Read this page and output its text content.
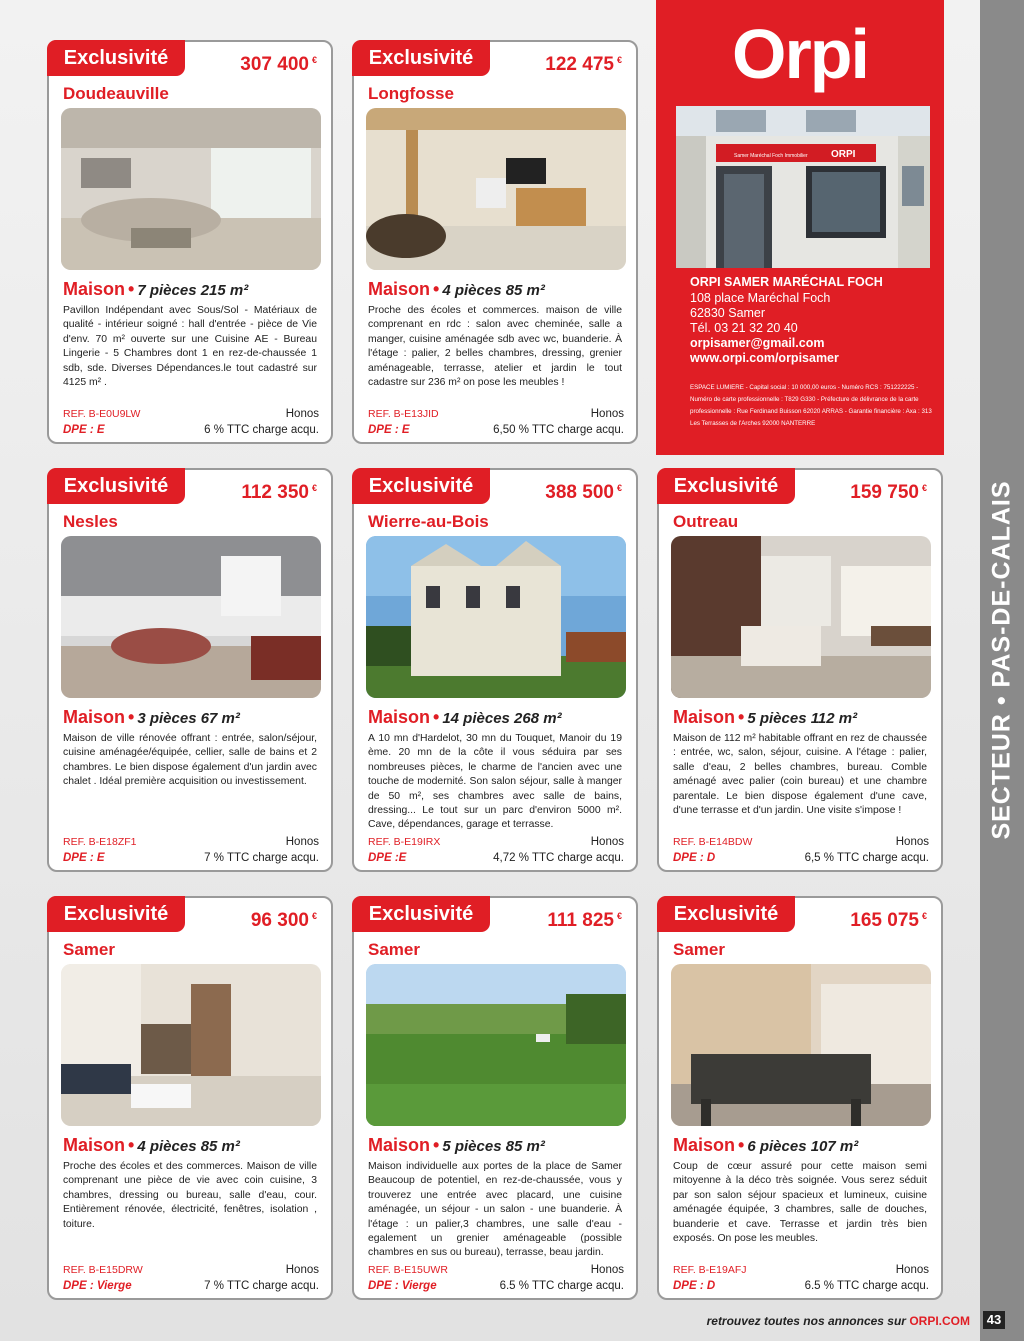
SECTEUR • PAS-DE-CALAIS
Exclusivité	307 400 €
Doudeauville
Maison • 7 pièces 215 m²
Pavillon Indépendant avec Sous/Sol - Matériaux de qualité - intérieur soigné : hall d'entrée - pièce de Vie d'env. 70 m² ouverte sur une Cuisine AE - Bureau Lingerie - 5 Chambres dont 1 en rez-de-chaussée 1 sdb, sde. Diverses Dépendances.le tout cadastré sur 4125 m² .
REF. B-E0U9LW
DPE : E
Honos
6 % TTC charge acqu.
Exclusivité	122 475 €
Longfosse
Maison • 4 pièces 85 m²
Proche des écoles et commerces. maison de ville comprenant en rdc : salon avec cheminée, salle a manger, cuisine aménagée sdb avec wc, buanderie. À l'étage : palier, 2 belles chambres, dressing, grenier aménageable, terrasse, atelier et jardin le tout cadastre sur 236 m² on pose les meubles !
REF. B-E13JID
DPE : E
Honos
6,50 % TTC charge acqu.
Exclusivité	112 350 €
Nesles
Maison • 3 pièces 67 m²
Maison de ville rénovée offrant : entrée, salon/séjour, cuisine aménagée/équipée, cellier, salle de bains et 2 chambres. Le bien dispose également d'un jardin avec chalet . Idéal première acquisition ou investissement.
REF. B-E18ZF1
DPE : E
Honos
7 % TTC charge acqu.
Exclusivité	388 500 €
Wierre-au-Bois
Maison • 14 pièces 268 m²
A 10 mn d'Hardelot, 30 mn du Touquet, Manoir du 19 ème. 20 mn de la côte il vous séduira par ses nombreuses pièces, le charme de l'ancien avec une touche de modernité. Son salon séjour, salle à manger de 50 m², ses chambres avec salle de bains, dressing... Le tout sur un parc d'environ 5000 m². Cave, dépendances, garage et terrasse.
REF. B-E19IRX
DPE :E
Honos
4,72 % TTC charge acqu.
Exclusivité	159 750 €
Outreau
Maison • 5 pièces 112 m²
Maison de 112 m² habitable offrant en rez de chaussée : entrée, wc, salon, séjour, cuisine. A l'étage : palier, salle d'eau, 2 belles chambres, bureau. Comble aménagé avec palier (coin bureau) et une chambre parentale. Le bien dispose également d'une cave, d'une terrasse et d'un jardin. Une visite s'impose !
REF. B-E14BDW
DPE : D
Honos
6,5 % TTC charge acqu.
Exclusivité	96 300 €
Samer
Maison • 4 pièces 85 m²
Proche des écoles et des commerces. Maison de ville comprenant une pièce de vie avec coin cuisine, 3 chambres, dressing ou bureau, salle d'eau, cour. Entièrement rénovée, électricité, fenêtres, isolation , toiture.
REF. B-E15DRW
DPE : Vierge
Honos
7 % TTC charge acqu.
Exclusivité	111 825 €
Samer
Maison • 5 pièces 85 m²
Maison individuelle aux portes de la place de Samer Beaucoup de potentiel, en rez-de-chaussée, vous y trouverez une entrée avec placard, une cuisine aménagée, un séjour - un salon - une buanderie. À l'étage : un palier,3 chambres, une salle d'eau - egalement un grenier aménageable (possible chambres en sus ou bureau), terrasse, beau jardin.
REF. B-E15UWR
DPE : Vierge
Honos
6.5 % TTC charge acqu.
Exclusivité	165 075 €
Samer
Maison • 6 pièces 107 m²
Coup de cœur assuré pour cette maison semi mitoyenne à la déco très soignée. Vous serez séduit par son salon séjour spacieux et lumineux, cuisine aménagée équipée, 3 chambres, salle de douches, buanderie et cave. Terrasse et jardin très bien exposés. On pose les meubles.
REF. B-E19AFJ
DPE : D
Honos
6.5 % TTC charge acqu.
Orpi
ORPI
Samer Maréchal Foch Immobilier
ORPI SAMER MARÉCHAL FOCH
108 place Maréchal Foch
62830 Samer
Tél. 03 21 32 20 40
orpisamer@gmail.com
www.orpi.com/orpisamer
ESPACE LUMIERE - Capital social : 10 000,00 euros - Numéro RCS : 751222225 - Numéro de carte professionnelle : T829 G330 - Préfecture de délivrance de la carte professionnelle : Rue Ferdinand Buisson 62020 ARRAS - Garantie financière : Axa : 313 Les Terrasses de l'Arches 92000 NANTERRE
retrouvez toutes nos annonces sur ORPI.COM 43
